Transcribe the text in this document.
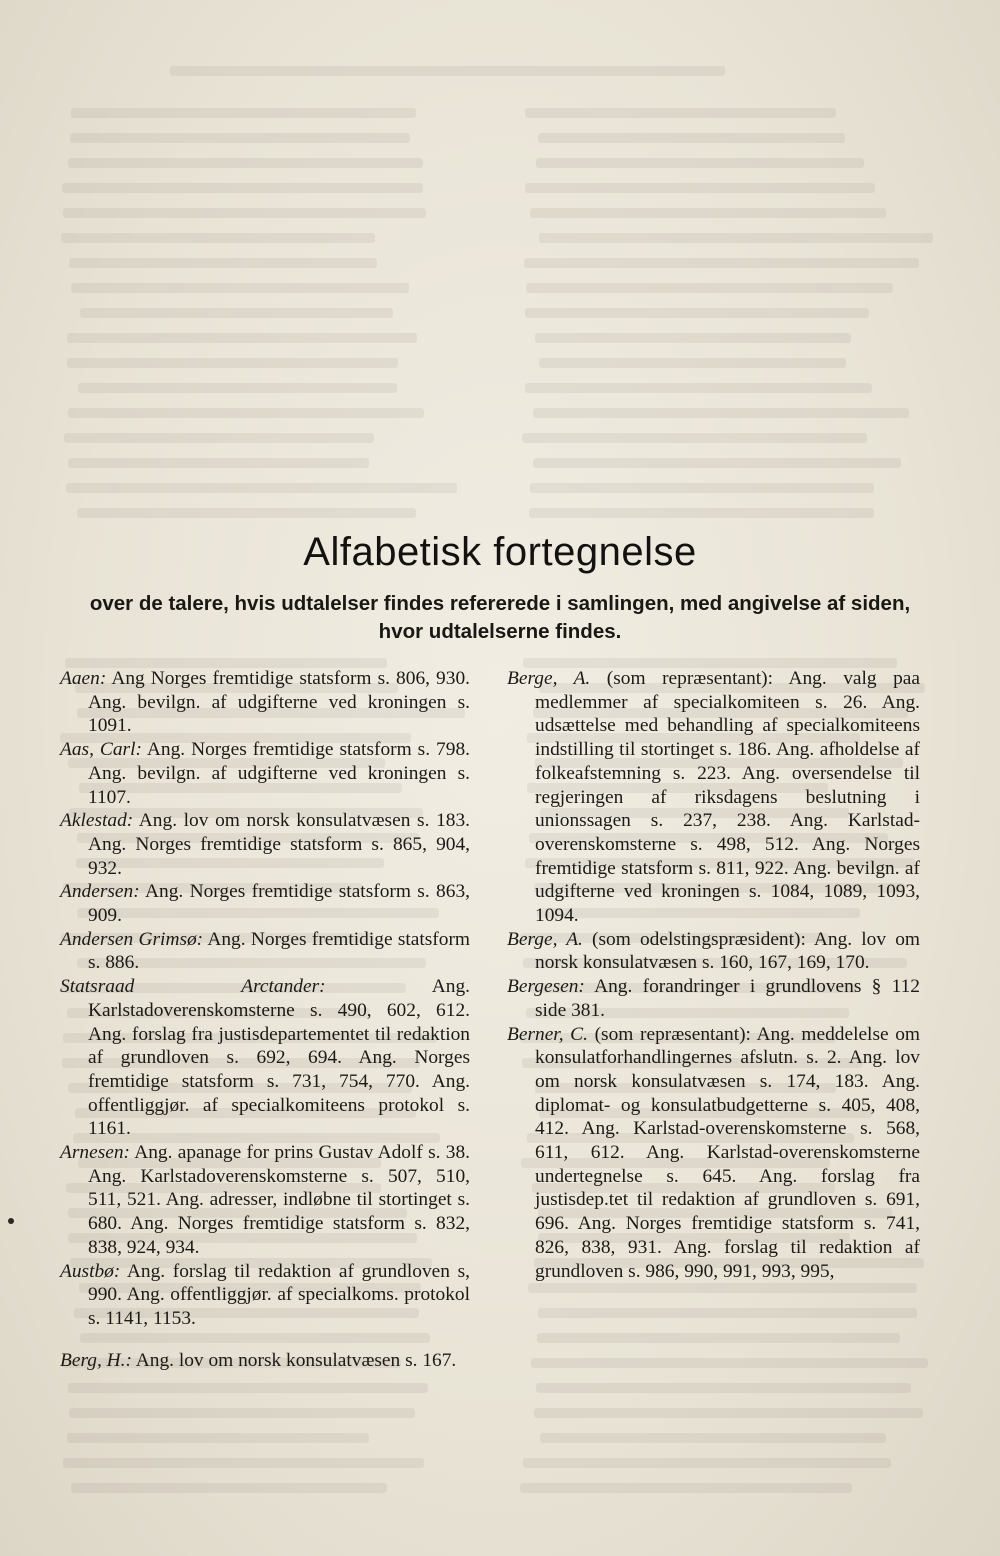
Alfabetisk fortegnelse
over de talere, hvis udtalelser findes refererede i samlingen, med angivelse af siden, hvor udtalelserne findes.

Aaen: Ang Norges fremtidige statsform s. 806, 930. Ang. bevilgn. af udgifterne ved kroningen s. 1091.

Aas, Carl: Ang. Norges fremtidige statsform s. 798. Ang. bevilgn. af udgifterne ved kroningen s. 1107.

Aklestad: Ang. lov om norsk konsulatvæsen s. 183. Ang. Norges fremtidige statsform s. 865, 904, 932.

Andersen: Ang. Norges fremtidige statsform s. 863, 909.

Andersen Grimsø: Ang. Norges fremtidige statsform s. 886.

Statsraad Arctander: Ang. Karlstadoverenskomsterne s. 490, 602, 612. Ang. forslag fra justisdepartementet til redaktion af grundloven s. 692, 694. Ang. Norges fremtidige statsform s. 731, 754, 770. Ang. offentliggjør. af specialkomiteens protokol s. 1161.

Arnesen: Ang. apanage for prins Gustav Adolf s. 38. Ang. Karlstadoverenskomsterne s. 507, 510, 511, 521. Ang. adresser, indløbne til stortinget s. 680. Ang. Norges fremtidige statsform s. 832, 838, 924, 934.

Austbø: Ang. forslag til redaktion af grundloven s, 990. Ang. offentliggjør. af specialkoms. protokol s. 1141, 1153.

Berg, H.: Ang. lov om norsk konsulatvæsen s. 167.

Berge, A. (som repræsentant): Ang. valg paa medlemmer af specialkomiteen s. 26. Ang. udsættelse med behandling af specialkomiteens indstilling til stortinget s. 186. Ang. afholdelse af folkeafstemning s. 223. Ang. oversendelse til regjeringen af riksdagens beslutning i unionssagen s. 237, 238. Ang. Karlstad-overenskomsterne s. 498, 512. Ang. Norges fremtidige statsform s. 811, 922. Ang. bevilgn. af udgifterne ved kroningen s. 1084, 1089, 1093, 1094.

Berge, A. (som odelstingspræsident): Ang. lov om norsk konsulatvæsen s. 160, 167, 169, 170.

Bergesen: Ang. forandringer i grundlovens § 112 side 381.

Berner, C. (som repræsentant): Ang. meddelelse om konsulatforhandlingernes afslutn. s. 2. Ang. lov om norsk konsulatvæsen s. 174, 183. Ang. diplomat- og konsulatbudgetterne s. 405, 408, 412. Ang. Karlstad-overenskomsterne s. 568, 611, 612. Ang. Karlstad-overenskomsterne undertegnelse s. 645. Ang. forslag fra justisdep.tet til redaktion af grundloven s. 691, 696. Ang. Norges fremtidige statsform s. 741, 826, 838, 931. Ang. forslag til redaktion af grundloven s. 986, 990, 991, 993, 995,
